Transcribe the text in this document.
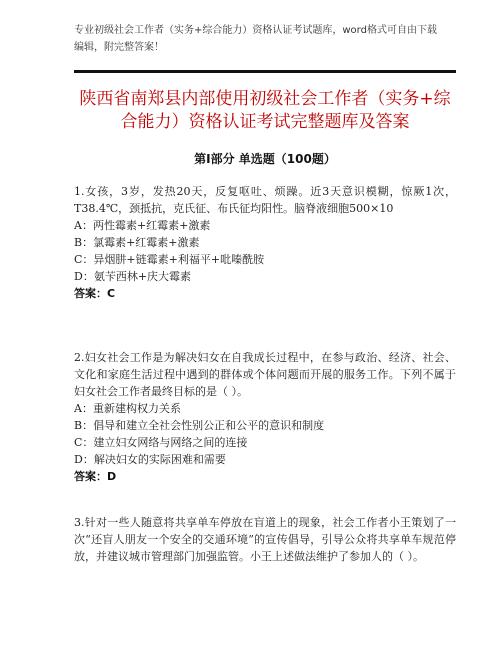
专业初级社会工作者（实务+综合能力）资格认证考试题库，word格式可自由下载编辑，附完整答案！
陕西省南郑县内部使用初级社会工作者（实务+综合能力）资格认证考试完整题库及答案
第Ⅰ部分 单选题（100题）

1.女孩，3岁，发热20天，反复呕吐、烦躁。近3天意识模糊，惊厥1次，T38.4℃，颈抵抗，克氏征、布氏征均阳性。脑脊液细胞500×10

A：两性霉素+红霉素+激素

B：氯霉素+红霉素+激素

C：异烟肼+链霉素+利福平+吡嗪酰胺

D：氨苄西林+庆大霉素

答案：C

2.妇女社会工作是为解决妇女在自我成长过程中，在参与政治、经济、社会、文化和家庭生活过程中遇到的群体或个体问题而开展的服务工作。下列不属于妇女社会工作者最终目标的是（ ）。

A：重新建构权力关系

B：倡导和建立全社会性别公正和公平的意识和制度

C：建立妇女网络与网络之间的连接

D：解决妇女的实际困难和需要

答案：D

3.针对一些人随意将共享单车停放在盲道上的现象，社会工作者小王策划了一次“还盲人朋友一个安全的交通环境”的宣传倡导，引导公众将共享单车规范停放，并建议城市管理部门加强监管。小王上述做法维护了参加人的（ ）。
